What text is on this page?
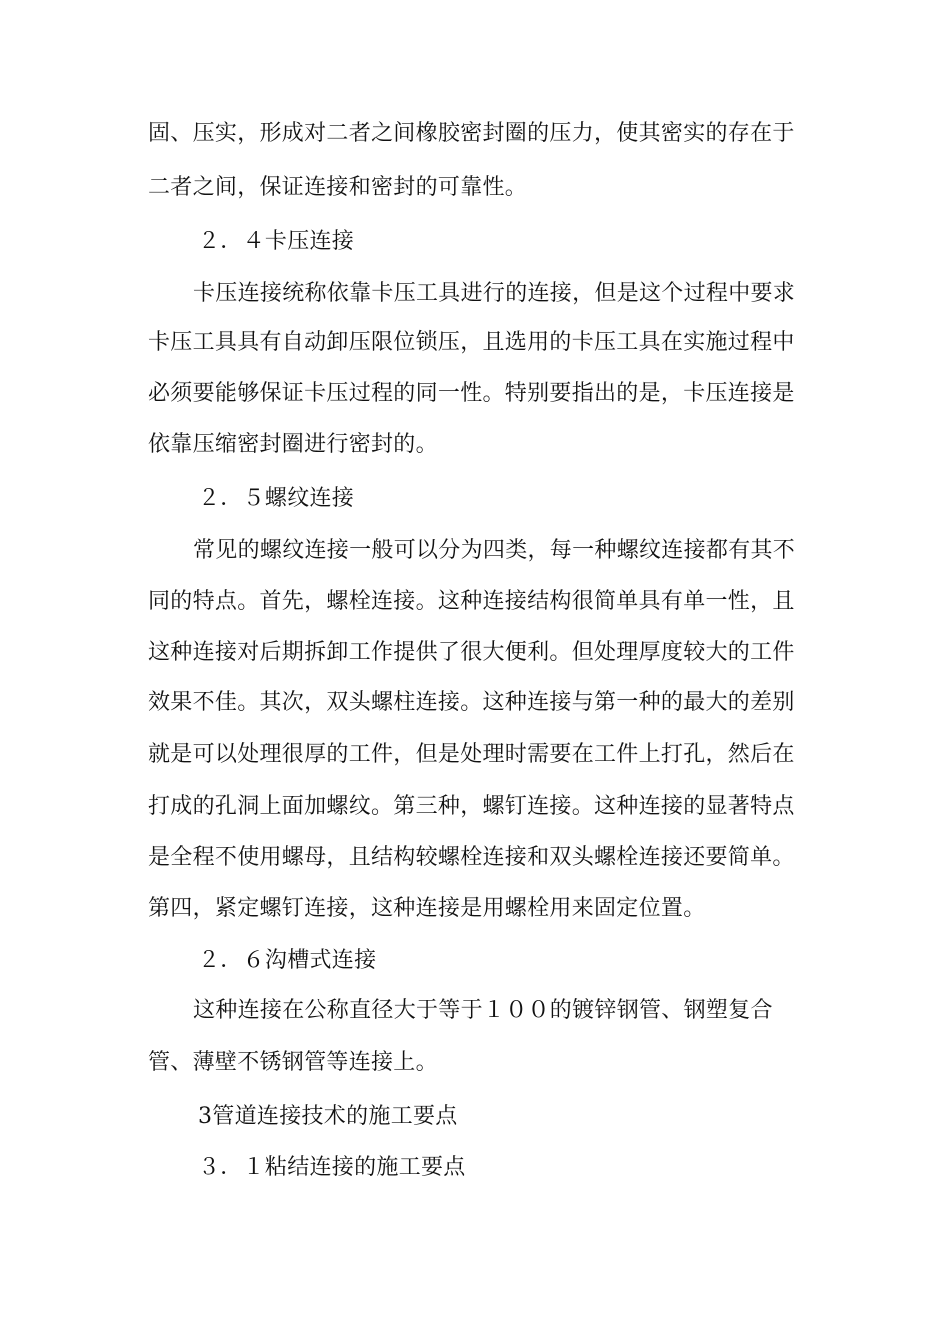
固、压实，形成对二者之间橡胶密封圈的压力，使其密实的存在于
二者之间，保证连接和密封的可靠性。
２．４卡压连接
卡压连接统称依靠卡压工具进行的连接，但是这个过程中要求
卡压工具具有自动卸压限位锁压，且选用的卡压工具在实施过程中
必须要能够保证卡压过程的同一性。特别要指出的是，卡压连接是
依靠压缩密封圈进行密封的。
２．５螺纹连接
常见的螺纹连接一般可以分为四类，每一种螺纹连接都有其不
同的特点。首先，螺栓连接。这种连接结构很简单具有单一性，且
这种连接对后期拆卸工作提供了很大便利。但处理厚度较大的工件
效果不佳。其次，双头螺柱连接。这种连接与第一种的最大的差别
就是可以处理很厚的工件，但是处理时需要在工件上打孔，然后在
打成的孔洞上面加螺纹。第三种，螺钉连接。这种连接的显著特点
是全程不使用螺母，且结构较螺栓连接和双头螺栓连接还要简单。
第四，紧定螺钉连接，这种连接是用螺栓用来固定位置。
２．６沟槽式连接
这种连接在公称直径大于等于１００的镀锌钢管、钢塑复合
管、薄壁不锈钢管等连接上。
3管道连接技术的施工要点
３．１粘结连接的施工要点
